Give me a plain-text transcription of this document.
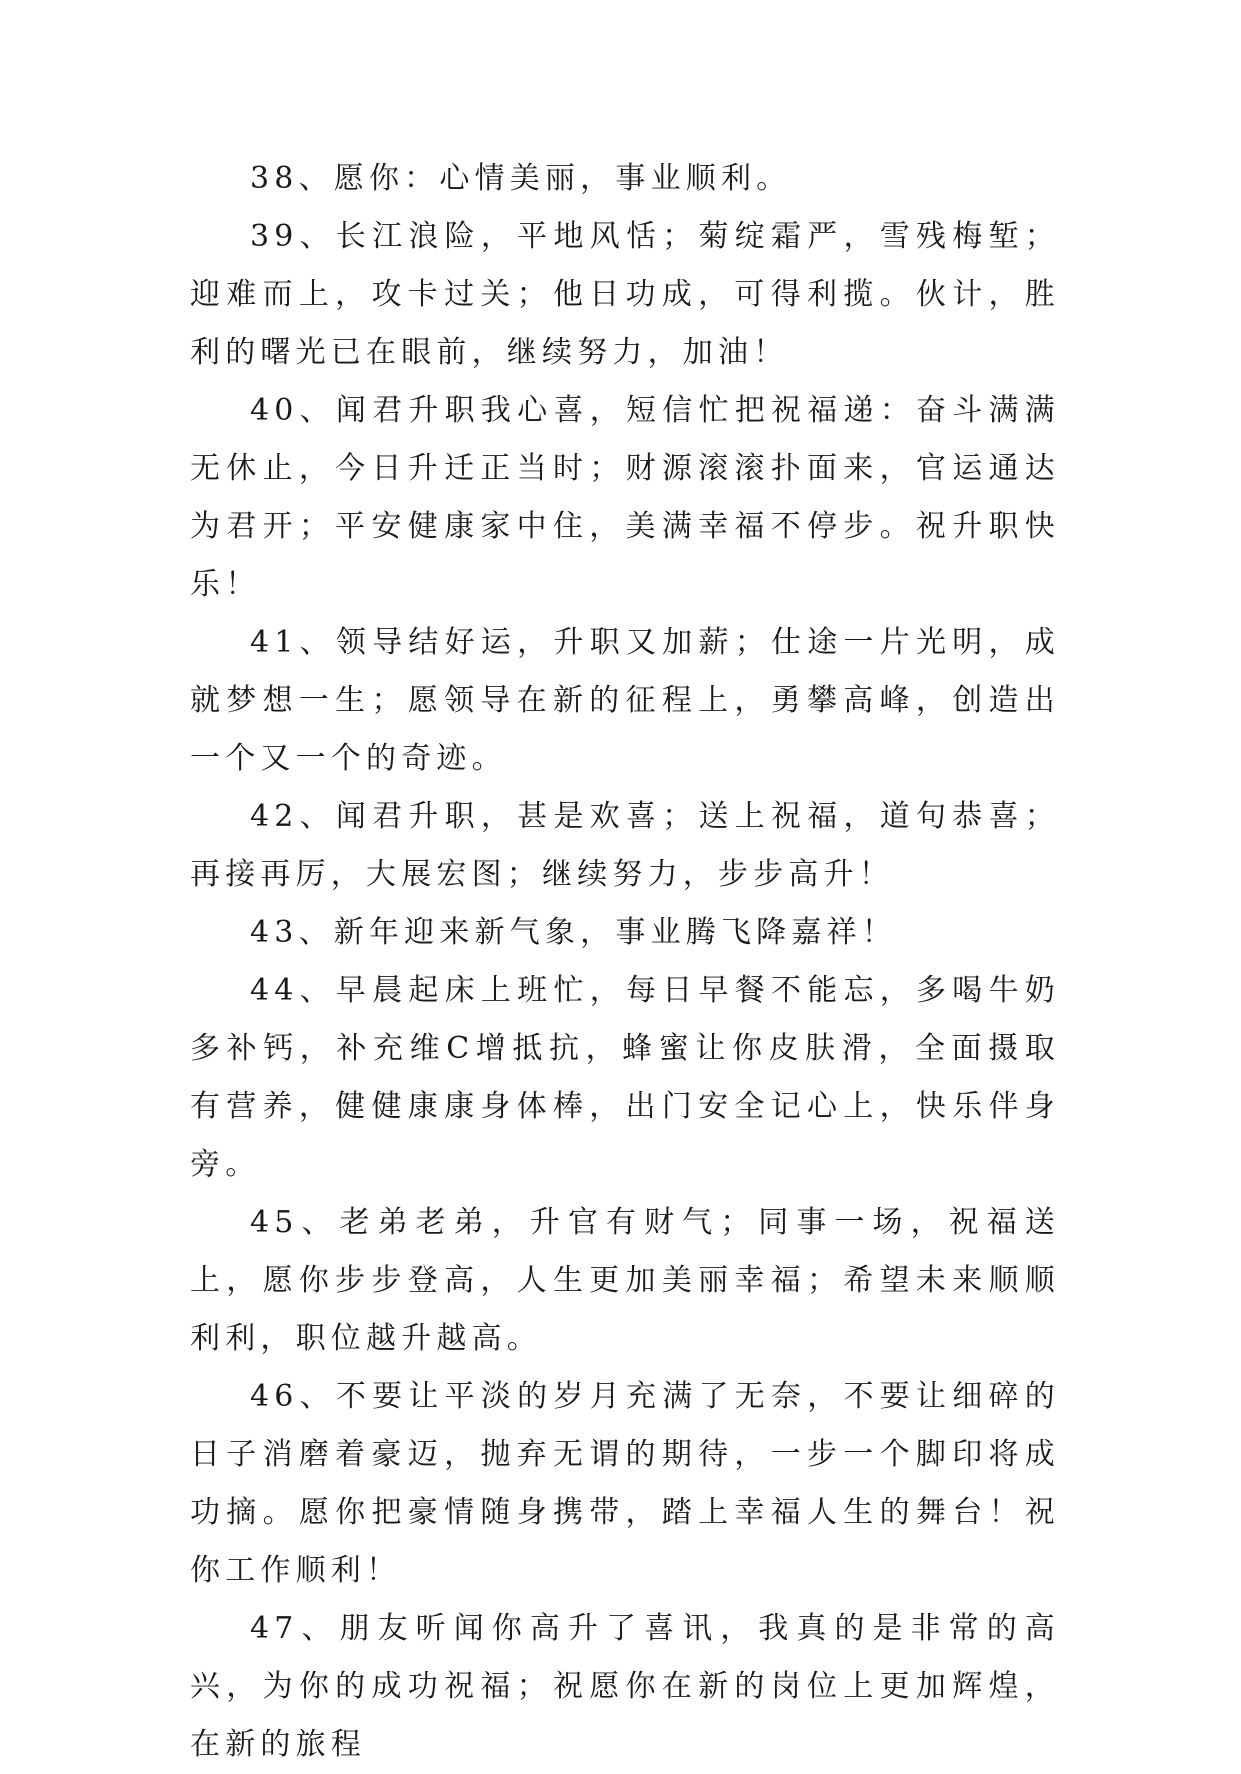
38、愿你：心情美丽，事业顺利。

39、长江浪险，平地风恬；菊绽霜严，雪残梅堑；迎难而上，攻卡过关；他日功成，可得利揽。伙计，胜利的曙光已在眼前，继续努力，加油！

40、闻君升职我心喜，短信忙把祝福递：奋斗满满无休止，今日升迁正当时；财源滚滚扑面来，官运通达为君开；平安健康家中住，美满幸福不停步。祝升职快乐！

41、领导结好运，升职又加薪；仕途一片光明，成就梦想一生；愿领导在新的征程上，勇攀高峰，创造出一个又一个的奇迹。

42、闻君升职，甚是欢喜；送上祝福，道句恭喜；再接再厉，大展宏图；继续努力，步步高升！

43、新年迎来新气象，事业腾飞降嘉祥！

44、早晨起床上班忙，每日早餐不能忘，多喝牛奶多补钙，补充维C增抵抗，蜂蜜让你皮肤滑，全面摄取有营养，健健康康身体棒，出门安全记心上，快乐伴身旁。

45、老弟老弟，升官有财气；同事一场，祝福送上，愿你步步登高，人生更加美丽幸福；希望未来顺顺利利，职位越升越高。

46、不要让平淡的岁月充满了无奈，不要让细碎的日子消磨着豪迈，抛弃无谓的期待，一步一个脚印将成功摘。愿你把豪情随身携带，踏上幸福人生的舞台！祝你工作顺利！

47、朋友听闻你高升了喜讯，我真的是非常的高兴，为你的成功祝福；祝愿你在新的岗位上更加辉煌，在新的旅程
